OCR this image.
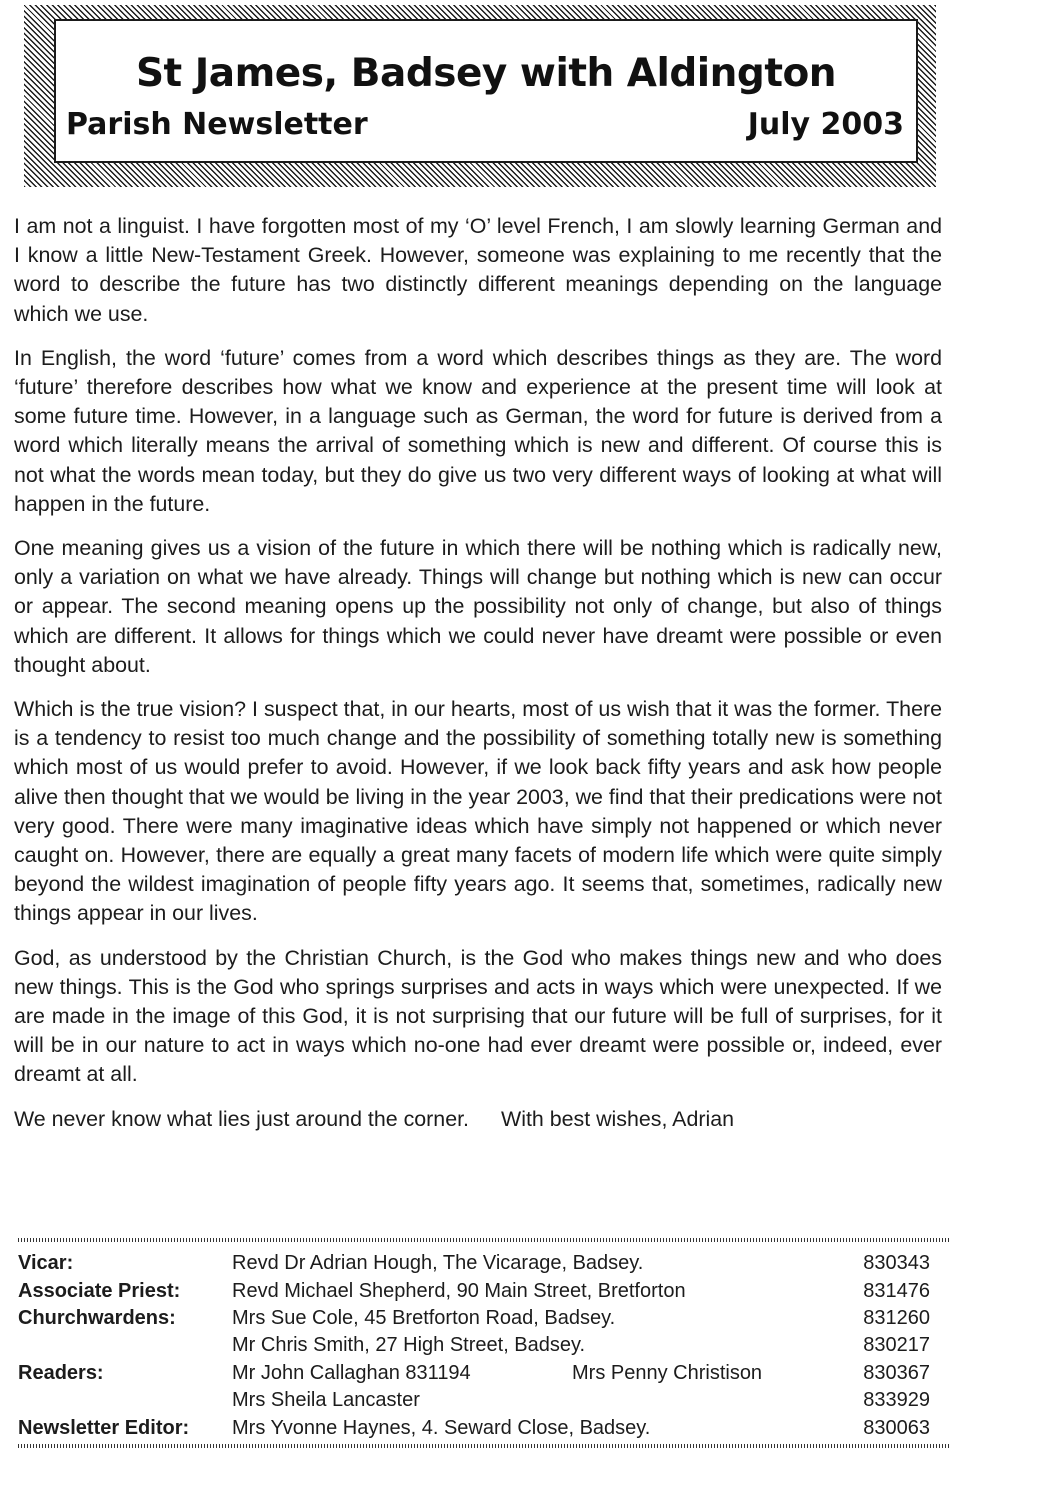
St James, Badsey with Aldington
Parish Newsletter	July 2003

I am not a linguist. I have forgotten most of my ‘O’ level French, I am slowly learning German and I know a little New-Testament Greek. However, someone was explaining to me recently that the word to describe the future has two distinctly different meanings depending on the language which we use.

In English, the word ‘future’ comes from a word which describes things as they are. The word ‘future’ therefore describes how what we know and experience at the present time will look at some future time. However, in a language such as German, the word for future is derived from a word which literally means the arrival of something which is new and different. Of course this is not what the words mean today, but they do give us two very different ways of looking at what will happen in the future.

One meaning gives us a vision of the future in which there will be nothing which is radically new, only a variation on what we have already. Things will change but nothing which is new can occur or appear. The second meaning opens up the possibility not only of change, but also of things which are different. It allows for things which we could never have dreamt were possible or even thought about.

Which is the true vision? I suspect that, in our hearts, most of us wish that it was the former. There is a tendency to resist too much change and the possibility of something totally new is something which most of us would prefer to avoid. However, if we look back fifty years and ask how people alive then thought that we would be living in the year 2003, we find that their predications were not very good. There were many imaginative ideas which have simply not happened or which never caught on. However, there are equally a great many facets of modern life which were quite simply beyond the wildest imagination of people fifty years ago. It seems that, sometimes, radically new things appear in our lives.

God, as understood by the Christian Church, is the God who makes things new and who does new things. This is the God who springs surprises and acts in ways which were unexpected. If we are made in the image of this God, it is not surprising that our future will be full of surprises, for it will be in our nature to act in ways which no-one had ever dreamt were possible or, indeed, ever dreamt at all.

We never know what lies just around the corner. With best wishes, Adrian
Vicar:	Revd Dr Adrian Hough, The Vicarage, Badsey.	830343
Associate Priest:	Revd Michael Shepherd, 90 Main Street, Bretforton	831476
Churchwardens:	Mrs Sue Cole, 45 Bretforton Road, Badsey.	831260
	Mr Chris Smith, 27 High Street, Badsey.	830217
Readers:	Mr John Callaghan 831194 Mrs Penny Christison	830367
	Mrs Sheila Lancaster	833929
Newsletter Editor:	Mrs Yvonne Haynes, 4. Seward Close, Badsey.	830063
